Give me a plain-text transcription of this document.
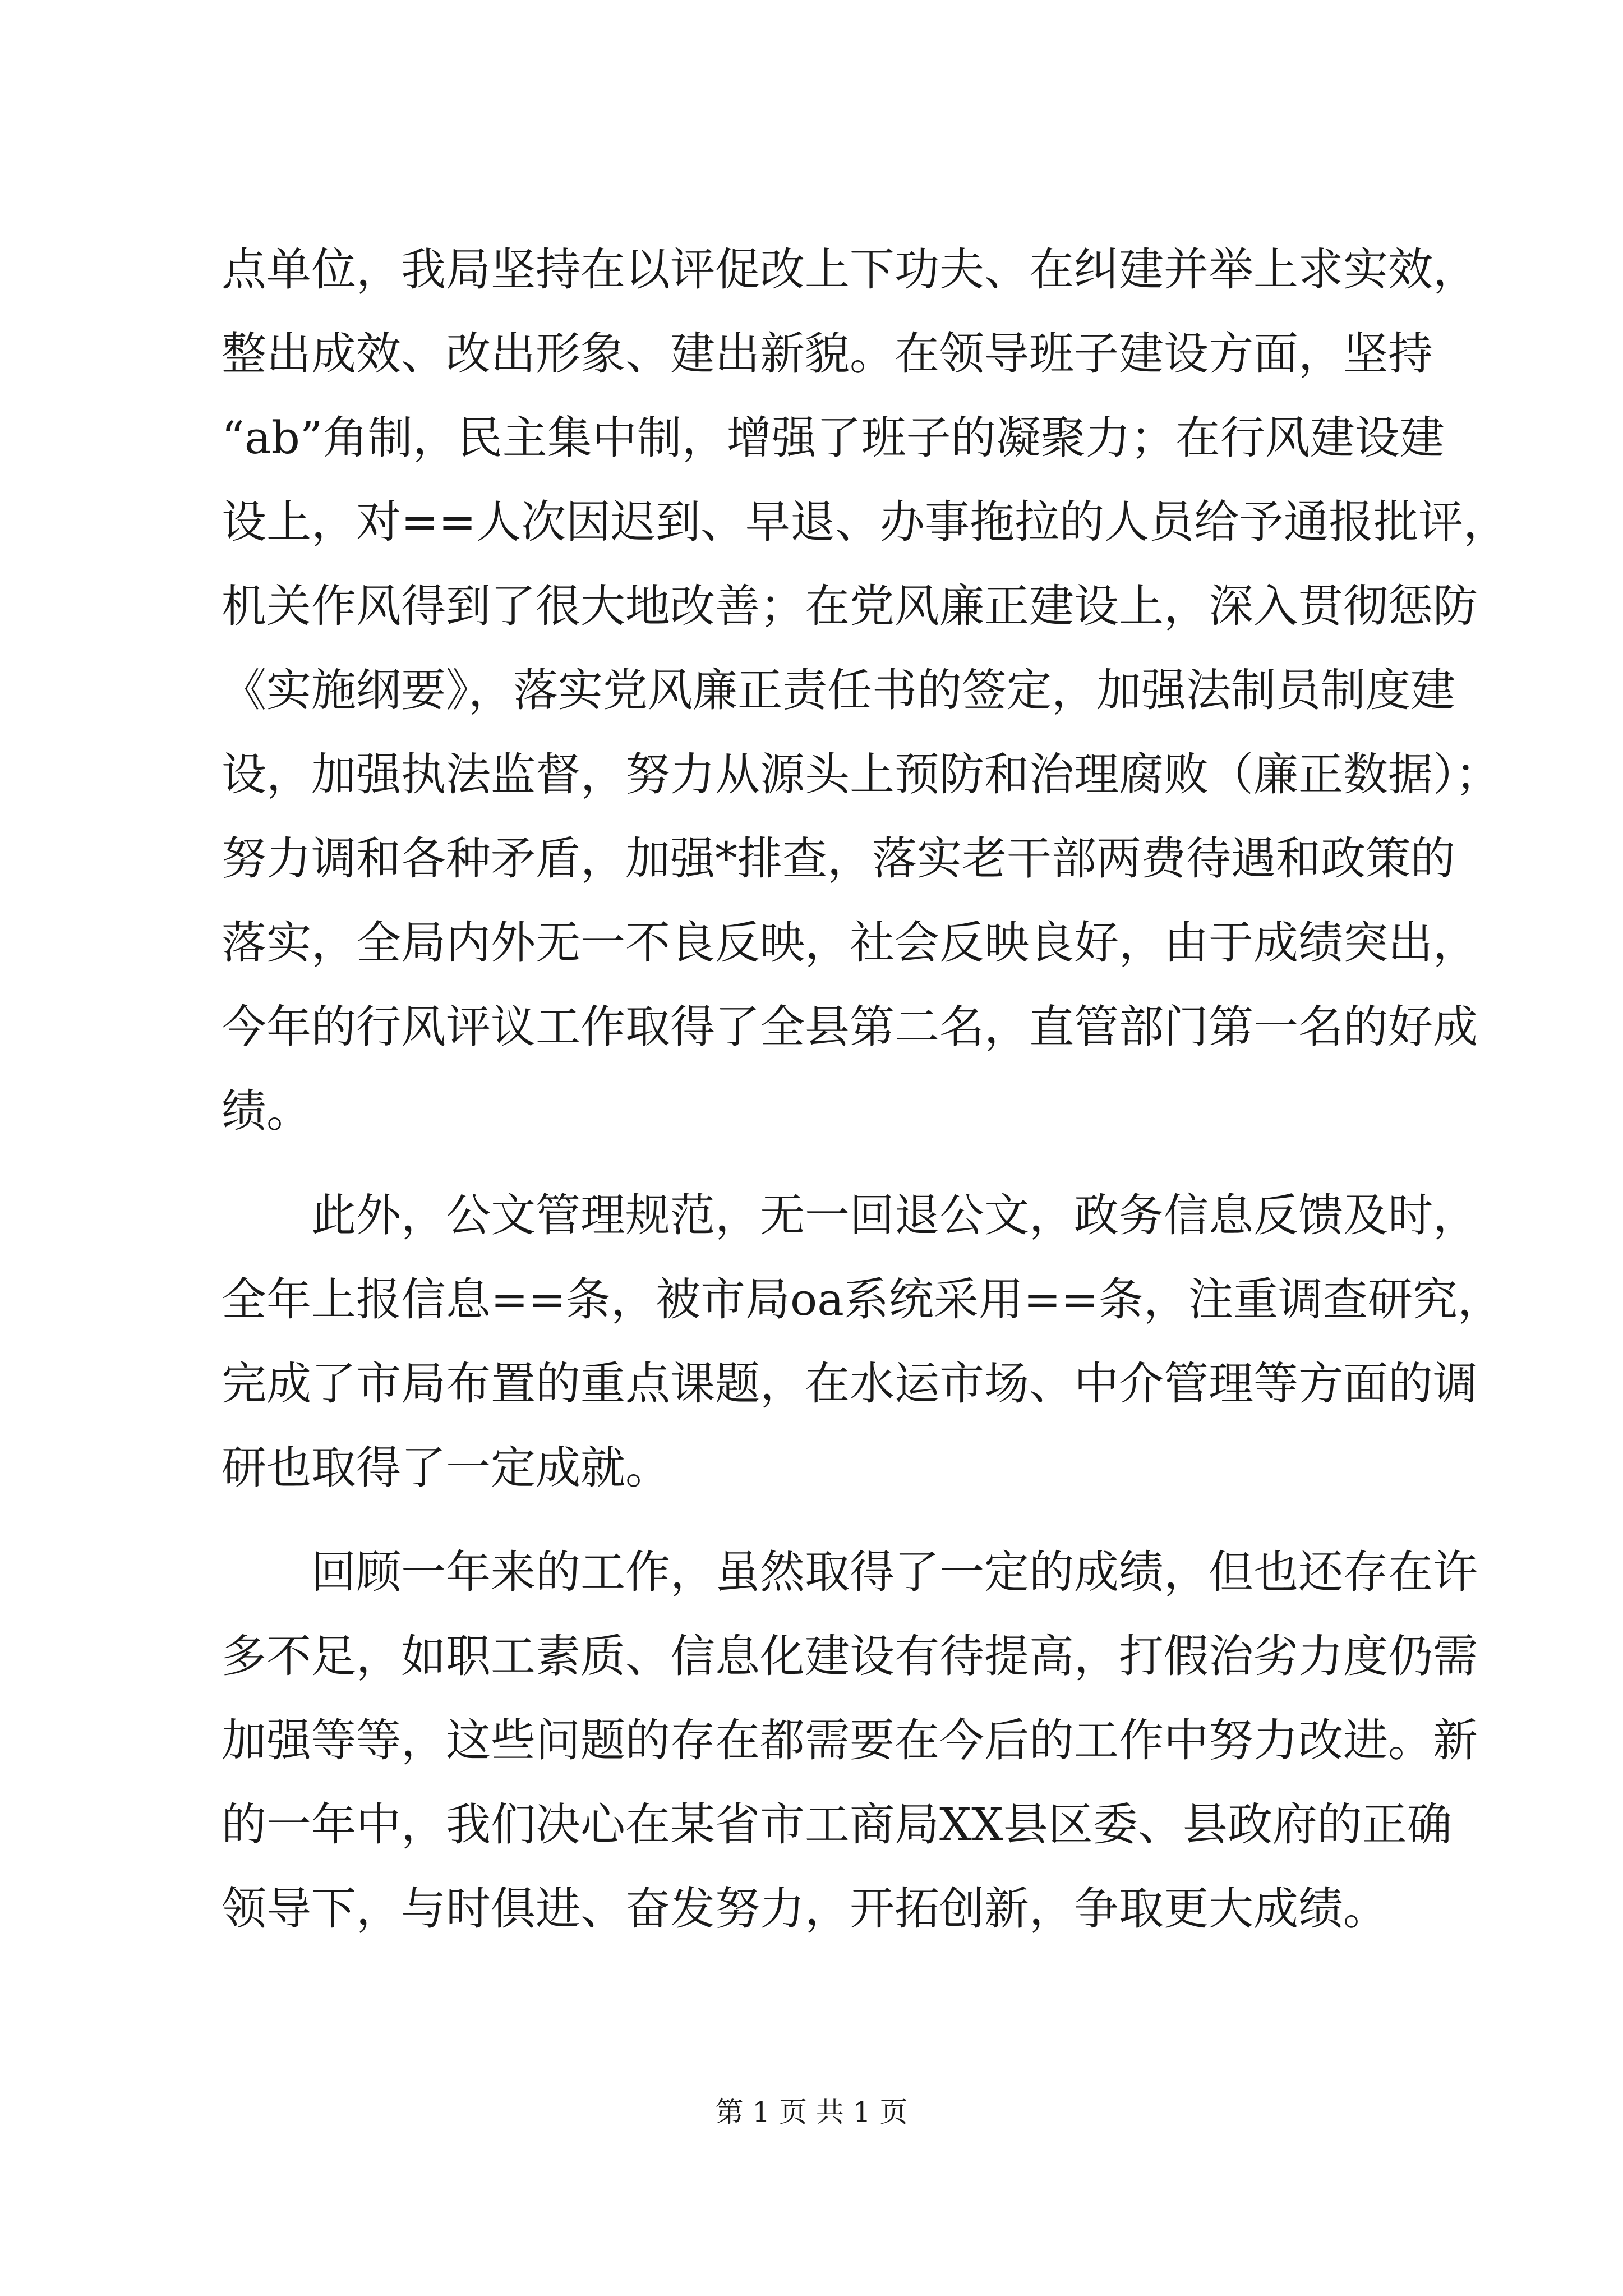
点单位，我局坚持在以评促改上下功夫、在纠建并举上求实效，
整出成效、改出形象、建出新貌。在领导班子建设方面，坚持
“ab”角制，民主集中制，增强了班子的凝聚力；在行风建设建
设上，对==人次因迟到、早退、办事拖拉的人员给予通报批评，
机关作风得到了很大地改善；在党风廉正建设上，深入贯彻惩防
《实施纲要》，落实党风廉正责任书的签定，加强法制员制度建
设，加强执法监督，努力从源头上预防和治理腐败（廉正数据）；
努力调和各种矛盾，加强*排查，落实老干部两费待遇和政策的
落实，全局内外无一不良反映，社会反映良好，由于成绩突出，
今年的行风评议工作取得了全县第二名，直管部门第一名的好成
绩。
　　此外，公文管理规范，无一回退公文，政务信息反馈及时，
全年上报信息==条，被市局oa系统采用==条，注重调查研究，
完成了市局布置的重点课题，在水运市场、中介管理等方面的调
研也取得了一定成就。
　　回顾一年来的工作，虽然取得了一定的成绩，但也还存在许
多不足，如职工素质、信息化建设有待提高，打假治劣力度仍需
加强等等，这些问题的存在都需要在今后的工作中努力改进。新
的一年中，我们决心在某省市工商局XX县区委、县政府的正确
领导下，与时俱进、奋发努力，开拓创新，争取更大成绩。
第 1 页 共 1 页
